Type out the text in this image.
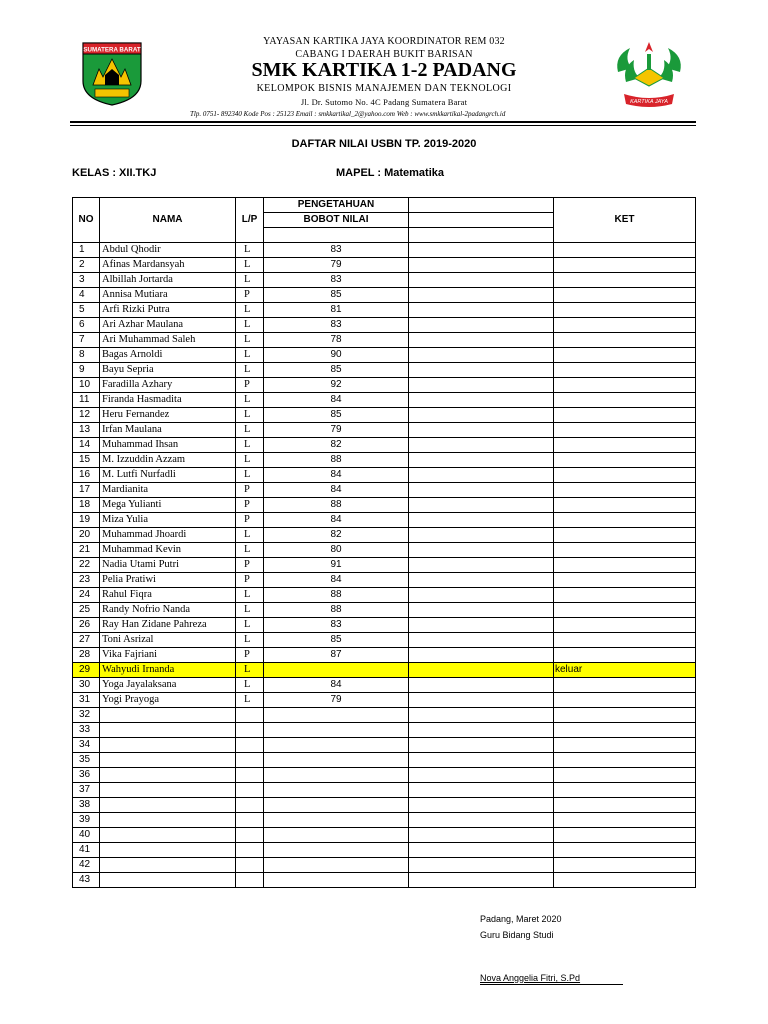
SUMATERA BARAT
KARTIKA JAYA
YAYASAN KARTIKA JAYA KOORDINATOR REM 032
CABANG I DAERAH BUKIT BARISAN
SMK KARTIKA 1-2 PADANG
KELOMPOK BISNIS MANAJEMEN DAN TEKNOLOGI
Jl. Dr. Sutomo No. 4C Padang Sumatera Barat
Tlp. 0751- 892340 Kode Pos : 25123 Email : smkkartikal_2@yahoo.com Web : www.smkkartikal-2padangrch.id
DAFTAR NILAI USBN TP. 2019-2020
KELAS : XII.TKJ	MAPEL : Matematika
NO	NAMA	L/P	PENGETAHUAN		KET
			BOBOT NILAI		

1	Abdul Qhodir	L	83		
2	Afinas Mardansyah	L	79		
3	Albillah Jortarda	L	83		
4	Annisa Mutiara	P	85		
5	Arfi Rizki Putra	L	81		
6	Ari Azhar Maulana	L	83		
7	Ari Muhammad Saleh	L	78		
8	Bagas Arnoldi	L	90		
9	Bayu Sepria	L	85		
10	Faradilla Azhary	P	92		
11	Firanda Hasmadita	L	84		
12	Heru Fernandez	L	85		
13	Irfan Maulana	L	79		
14	Muhammad Ihsan	L	82		
15	M. Izzuddin Azzam	L	88		
16	M. Lutfi Nurfadli	L	84		
17	Mardianita	P	84		
18	Mega Yulianti	P	88		
19	Miza Yulia	P	84		
20	Muhammad Jhoardi	L	82		
21	Muhammad Kevin	L	80		
22	Nadia Utami Putri	P	91		
23	Pelia Pratiwi	P	84		
24	Rahul Fiqra	L	88		
25	Randy Nofrio Nanda	L	88		
26	Ray Han Zidane Pahreza	L	83		
27	Toni Asrizal	L	85		
28	Vika Fajriani	P	87		
29	Wahyudi Irnanda	L			keluar
30	Yoga Jayalaksana	L	84		
31	Yogi Prayoga	L	79		
32					
33					
34					
35					
36					
37					
38					
39					
40					
41					
42					
43					
Padang, Maret 2020
Guru Bidang Studi
Nova Anggelia Fitri, S.Pd
